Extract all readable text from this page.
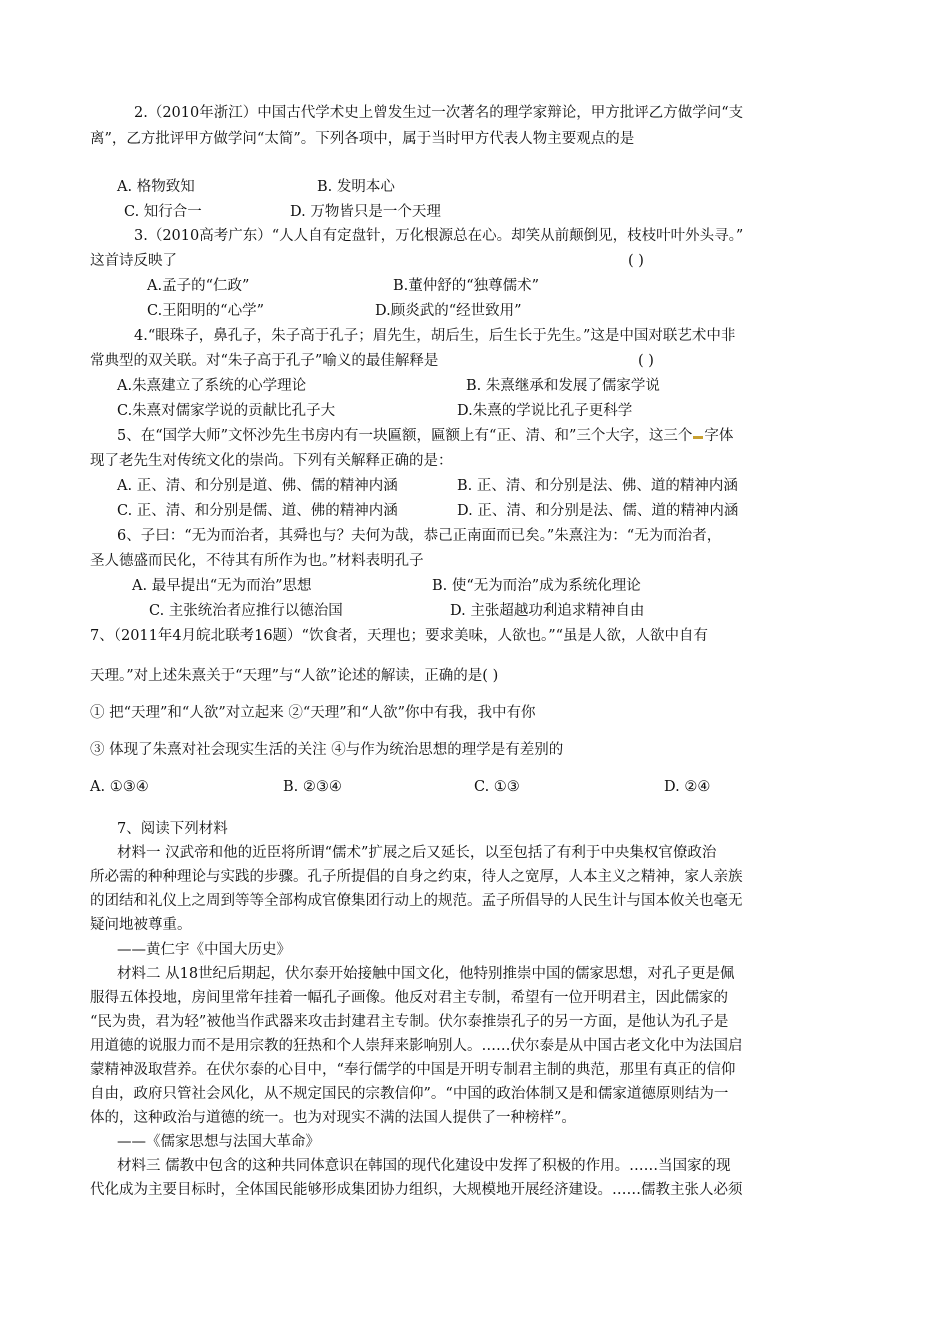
2.（2010年浙江）中国古代学术史上曾发生过一次著名的理学家辩论，甲方批评乙方做学问“支
离”，乙方批评甲方做学问“太简”。下列各项中，属于当时甲方代表人物主要观点的是
A. 格物致知	B. 发明本心
C. 知行合一	D. 万物皆只是一个天理
3.（2010高考广东）“人人自有定盘针，万化根源总在心。却笑从前颠倒见，枝枝叶叶外头寻。”
这首诗反映了	( )
A.孟子的“仁政”	B.董仲舒的“独尊儒术”
C.王阳明的“心学”	D.顾炎武的“经世致用”
4.“眼珠子，鼻孔子，朱子高于孔子；眉先生，胡后生，后生长于先生。”这是中国对联艺术中非
常典型的双关联。对“朱子高于孔子”喻义的最佳解释是	( )
A.朱熹建立了系统的心学理论	B. 朱熹继承和发展了儒家学说
C.朱熹对儒家学说的贡献比孔子大	D.朱熹的学说比孔子更科学
5、在“国学大师”文怀沙先生书房内有一块匾额，匾额上有“正、清、和”三个大字，这三个 字体
现了老先生对传统文化的崇尚。下列有关解释正确的是：
A. 正、清、和分别是道、佛、儒的精神内涵	B. 正、清、和分别是法、佛、道的精神内涵
C. 正、清、和分别是儒、道、佛的精神内涵	D. 正、清、和分别是法、儒、道的精神内涵
6、子曰：“无为而治者，其舜也与？夫何为哉，恭己正南面而已矣。”朱熹注为：“无为而治者，
圣人德盛而民化，不待其有所作为也。”材料表明孔子
A. 最早提出“无为而治”思想	B. 使“无为而治”成为系统化理论
C. 主张统治者应推行以德治国	D. 主张超越功利追求精神自由
7、（2011年4月皖北联考16题）“饮食者，天理也；要求美味，人欲也。”“虽是人欲，人欲中自有
天理。”对上述朱熹关于“天理”与“人欲”论述的解读，正确的是( )
① 把“天理”和“人欲”对立起来 ②“天理”和“人欲”你中有我，我中有你
③ 体现了朱熹对社会现实生活的关注 ④与作为统治思想的理学是有差别的
A. ①③④	B. ②③④	C. ①③	D. ②④
7、阅读下列材料
材料一 汉武帝和他的近臣将所谓“儒术”扩展之后又延长，以至包括了有利于中央集权官僚政治
所必需的种种理论与实践的步骤。孔子所提倡的自身之约束，待人之宽厚，人本主义之精神，家人亲族
的团结和礼仪上之周到等等全部构成官僚集团行动上的规范。孟子所倡导的人民生计与国本攸关也毫无
疑问地被尊重。
——黄仁宇《中国大历史》
材料二 从18世纪后期起，伏尔泰开始接触中国文化，他特别推崇中国的儒家思想，对孔子更是佩
服得五体投地，房间里常年挂着一幅孔子画像。他反对君主专制，希望有一位开明君主，因此儒家的
“民为贵，君为轻”被他当作武器来攻击封建君主专制。伏尔泰推崇孔子的另一方面，是他认为孔子是
用道德的说服力而不是用宗教的狂热和个人崇拜来影响别人。……伏尔泰是从中国古老文化中为法国启
蒙精神汲取营养。在伏尔泰的心目中，“奉行儒学的中国是开明专制君主制的典范，那里有真正的信仰
自由，政府只管社会风化，从不规定国民的宗教信仰”。“中国的政治体制又是和儒家道德原则结为一
体的，这种政治与道德的统一。也为对现实不满的法国人提供了一种榜样”。
——《儒家思想与法国大革命》
材料三 儒教中包含的这种共同体意识在韩国的现代化建设中发挥了积极的作用。……当国家的现
代化成为主要目标时，全体国民能够形成集团协力组织，大规模地开展经济建设。……儒教主张人必须
